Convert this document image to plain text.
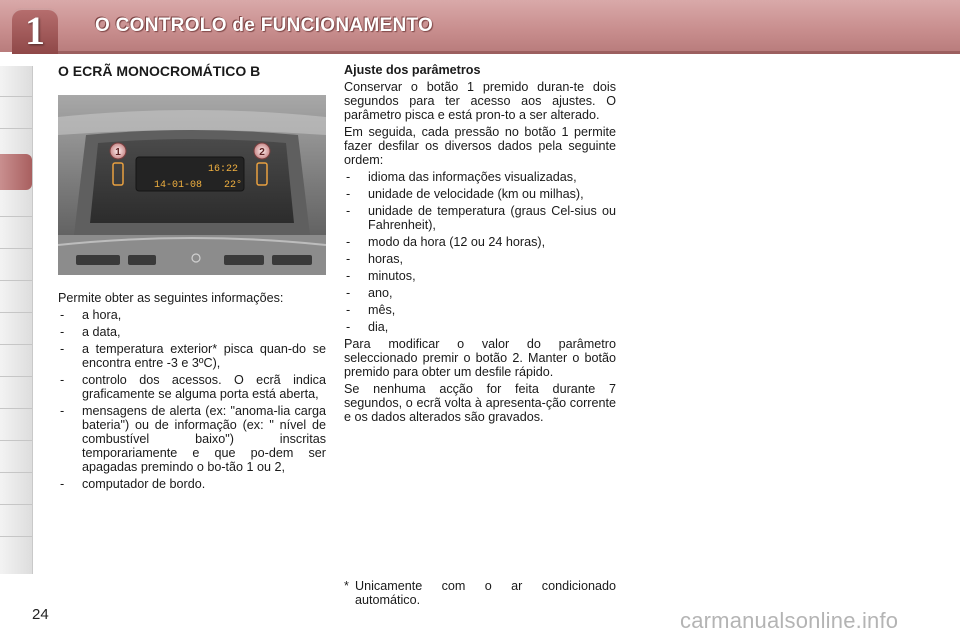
1	O CONTROLO de FUNCIONAMENTO
O ECRÃ MONOCROMÁTICO B
16:22
14-01-08 22°
1	2

Permite obter as seguintes informações:

- a hora,
- a data,
- a temperatura exterior* pisca quan-do se encontra entre -3 e 3ºC),
- controlo dos acessos. O ecrã indica graficamente se alguma porta está aberta,
- mensagens de alerta (ex: "anoma-lia carga bateria") ou de informação (ex: " nível de combustível baixo") inscritas temporariamente e que po-dem ser apagadas premindo o bo-tão 1 ou 2,
- computador de bordo.
Ajuste dos parâmetros

Conservar o botão 1 premido duran-te dois segundos para ter acesso aos ajustes. O parâmetro pisca e está pron-to a ser alterado.

Em seguida, cada pressão no botão 1 permite fazer desfilar os diversos dados pela seguinte ordem:

- idioma das informações visualizadas,
- unidade de velocidade (km ou milhas),
- unidade de temperatura (graus Cel-sius ou Fahrenheit),
- modo da hora (12 ou 24 horas),
- horas,
- minutos,
- ano,
- mês,
- dia,

Para modificar o valor do parâmetro seleccionado premir o botão 2. Manter o botão premido para obter um desfile rápido.

Se nenhuma acção for feita durante 7 segundos, o ecrã volta à apresenta-ção corrente e os dados alterados são gravados.

* Unicamente com o ar condicionado automático.
24	carmanualsonline.info
